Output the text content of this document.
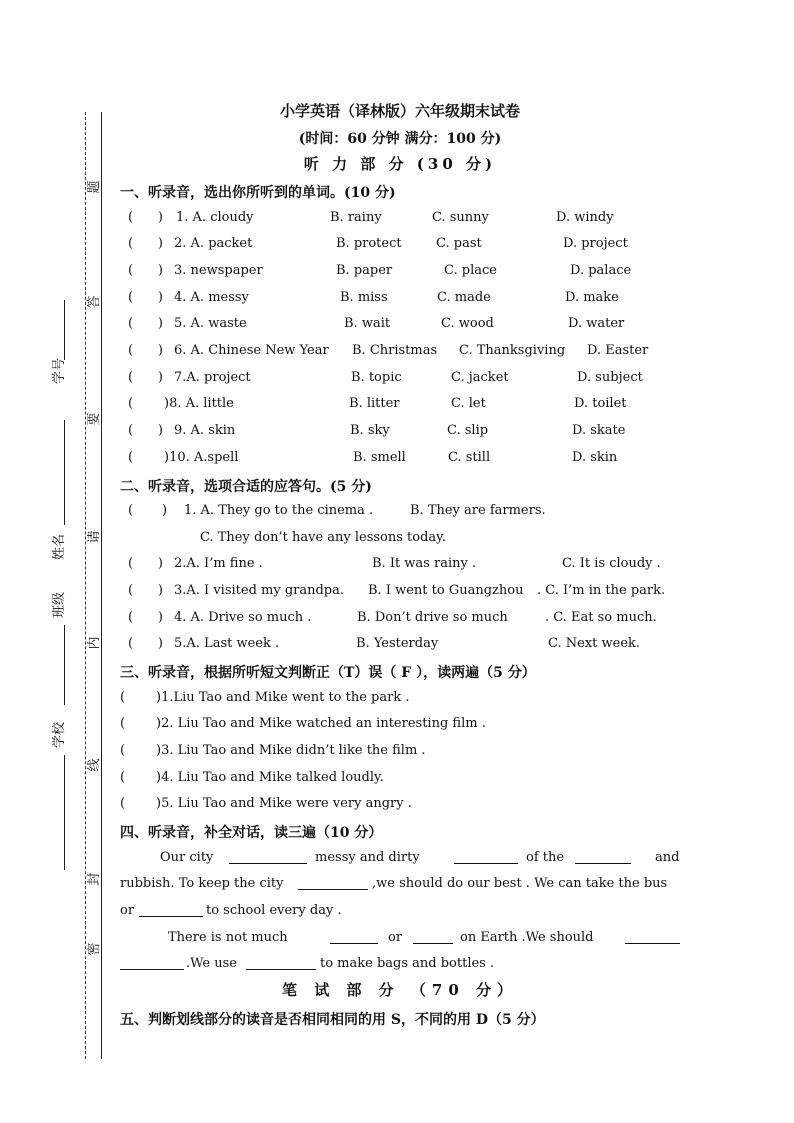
题
答
要
请
内
线
封
密
学号
姓名
班级
学校
小学英语（译林版）六年级期末试卷
(时间：60 分钟 满分：100 分)
听 力 部 分 (30 分)
一、听录音，选出你所听到的单词。(10 分)
(      ) 1. A. cloudy	B. rainy	C. sunny	D. windy
(      ) 2. A. packet	B. protect	C. past	D. project
(      ) 3. newspaper	B. paper	C. place	D. palace
(      ) 4. A. messy	B. miss	C. made	D. make
(      ) 5. A. waste	B. wait	C. wood	D. water
(      ) 6. A. Chinese New Year B. Christmas C. Thanksgiving D. Easter
(      ) 7.A. project	B. topic	C. jacket	D. subject
( )8. A. little	B. litter	C. let	D. toilet
(      ) 9. A. skin	B. sky	C. slip	D. skate
( )10. A.spell	B. smell	C. still	D. skin
二、听录音，选项合适的应答句。(5 分)
(       ) 1. A. They go to the cinema .	B. They are farmers.
C. They don’t have any lessons today.
(      ) 2.A. I’m fine .	B. It was rainy .	C. It is cloudy .
(      ) 3.A. I visited my grandpa. B. I went to Guangzhou . C. I’m in the park.
(      ) 4. A. Drive so much .	B. Don’t drive so much	. C. Eat so much.
(      ) 5.A. Last week .	B. Yesterday	C. Next week.
三、听录音，根据所听短文判断正（T）误（ F ），读两遍（5 分）
( )1.Liu Tao and Mike went to the park .
( )2. Liu Tao and Mike watched an interesting film .
( )3. Liu Tao and Mike didn’t like the film .
( )4. Liu Tao and Mike talked loudly.
( )5. Liu Tao and Mike were very angry .
四、听录音，补全对话，读三遍（10 分）
Our city	messy and dirty	of the	and
rubbish. To keep the city	,we should do our best . We can take the bus
or	to school every day .
There is not much	or	on Earth .We should
.We use	to make bags and bottles .
笔 试 部 分 （70 分）
五、判断划线部分的读音是否相同相同的用 S，不同的用 D（5 分）
